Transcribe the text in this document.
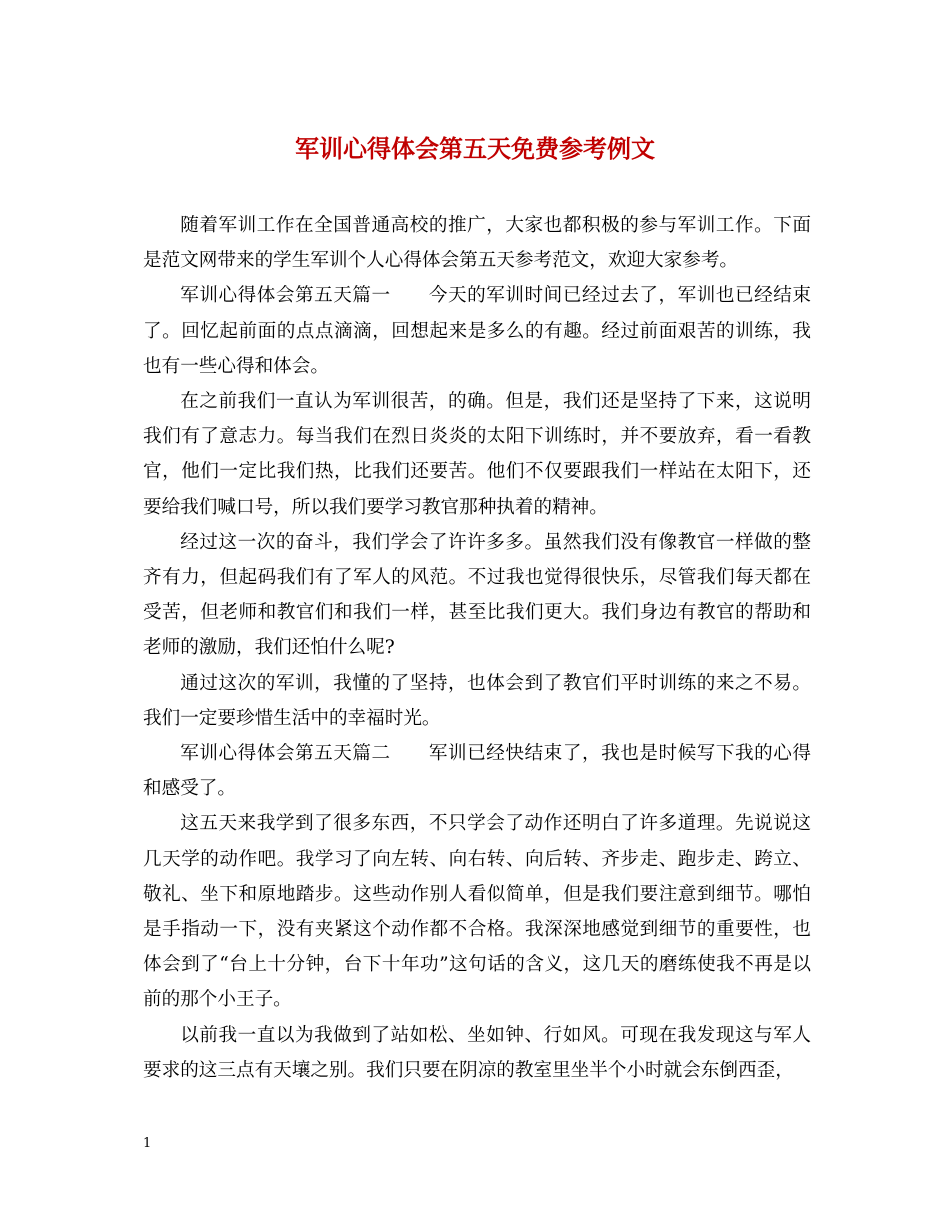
军训心得体会第五天免费参考例文

随着军训工作在全国普通高校的推广，大家也都积极的参与军训工作。下面是范文网带来的学生军训个人心得体会第五天参考范文，欢迎大家参考。

军训心得体会第五天篇一　　今天的军训时间已经过去了，军训也已经结束了。回忆起前面的点点滴滴，回想起来是多么的有趣。经过前面艰苦的训练，我也有一些心得和体会。

在之前我们一直认为军训很苦，的确。但是，我们还是坚持了下来，这说明我们有了意志力。每当我们在烈日炎炎的太阳下训练时，并不要放弃，看一看教官，他们一定比我们热，比我们还要苦。他们不仅要跟我们一样站在太阳下，还要给我们喊口号，所以我们要学习教官那种执着的精神。

经过这一次的奋斗，我们学会了许许多多。虽然我们没有像教官一样做的整齐有力，但起码我们有了军人的风范。不过我也觉得很快乐，尽管我们每天都在受苦，但老师和教官们和我们一样，甚至比我们更大。我们身边有教官的帮助和老师的激励，我们还怕什么呢?

通过这次的军训，我懂的了坚持，也体会到了教官们平时训练的来之不易。我们一定要珍惜生活中的幸福时光。

军训心得体会第五天篇二　　军训已经快结束了，我也是时候写下我的心得和感受了。

这五天来我学到了很多东西，不只学会了动作还明白了许多道理。先说说这几天学的动作吧。我学习了向左转、向右转、向后转、齐步走、跑步走、跨立、敬礼、坐下和原地踏步。这些动作别人看似简单，但是我们要注意到细节。哪怕是手指动一下，没有夹紧这个动作都不合格。我深深地感觉到细节的重要性，也体会到了“台上十分钟，台下十年功”这句话的含义，这几天的磨练使我不再是以前的那个小王子。

以前我一直以为我做到了站如松、坐如钟、行如风。可现在我发现这与军人要求的这三点有天壤之别。我们只要在阴凉的教室里坐半个小时就会东倒西歪，

1
